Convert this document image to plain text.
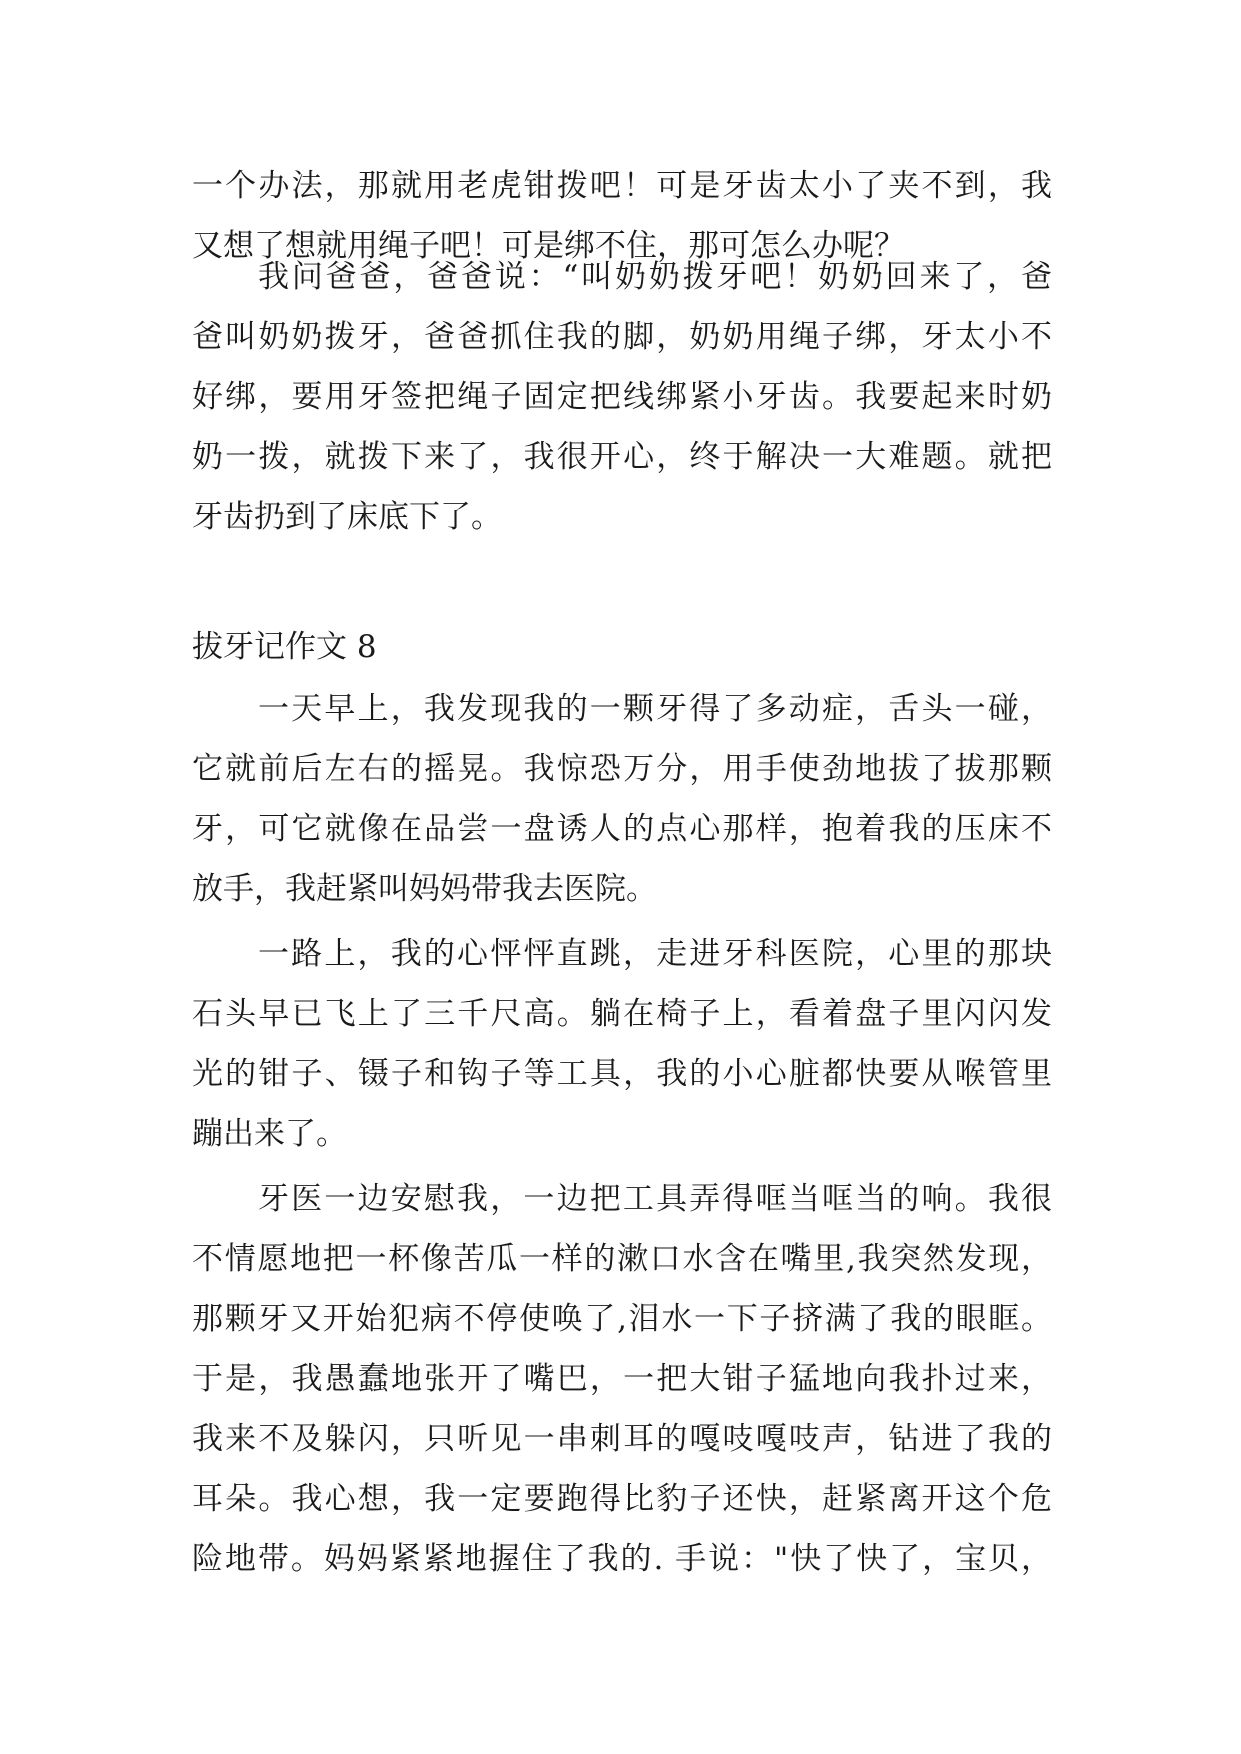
一个办法，那就用老虎钳拨吧！可是牙齿太小了夹不到，我
又想了想就用绳子吧！可是绑不住，那可怎么办呢？
我问爸爸，爸爸说：“叫奶奶拨牙吧！奶奶回来了，爸
爸叫奶奶拨牙，爸爸抓住我的脚，奶奶用绳子绑，牙太小不
好绑，要用牙签把绳子固定把线绑紧小牙齿。我要起来时奶
奶一拨，就拨下来了，我很开心，终于解决一大难题。就把
牙齿扔到了床底下了。
拔牙记作文 8
一天早上，我发现我的一颗牙得了多动症，舌头一碰，
它就前后左右的摇晃。我惊恐万分，用手使劲地拔了拔那颗
牙，可它就像在品尝一盘诱人的点心那样，抱着我的压床不
放手，我赶紧叫妈妈带我去医院。
一路上，我的心怦怦直跳，走进牙科医院，心里的那块
石头早已飞上了三千尺高。躺在椅子上，看着盘子里闪闪发
光的钳子、镊子和钩子等工具，我的小心脏都快要从喉管里
蹦出来了。
牙医一边安慰我，一边把工具弄得哐当哐当的响。我很
不情愿地把一杯像苦瓜一样的漱口水含在嘴里,我突然发现，
那颗牙又开始犯病不停使唤了,泪水一下子挤满了我的眼眶。
于是，我愚蠢地张开了嘴巴，一把大钳子猛地向我扑过来，
我来不及躲闪，只听见一串刺耳的嘎吱嘎吱声，钻进了我的
耳朵。我心想，我一定要跑得比豹子还快，赶紧离开这个危
险地带。妈妈紧紧地握住了我的. 手说："快了快了，宝贝，
